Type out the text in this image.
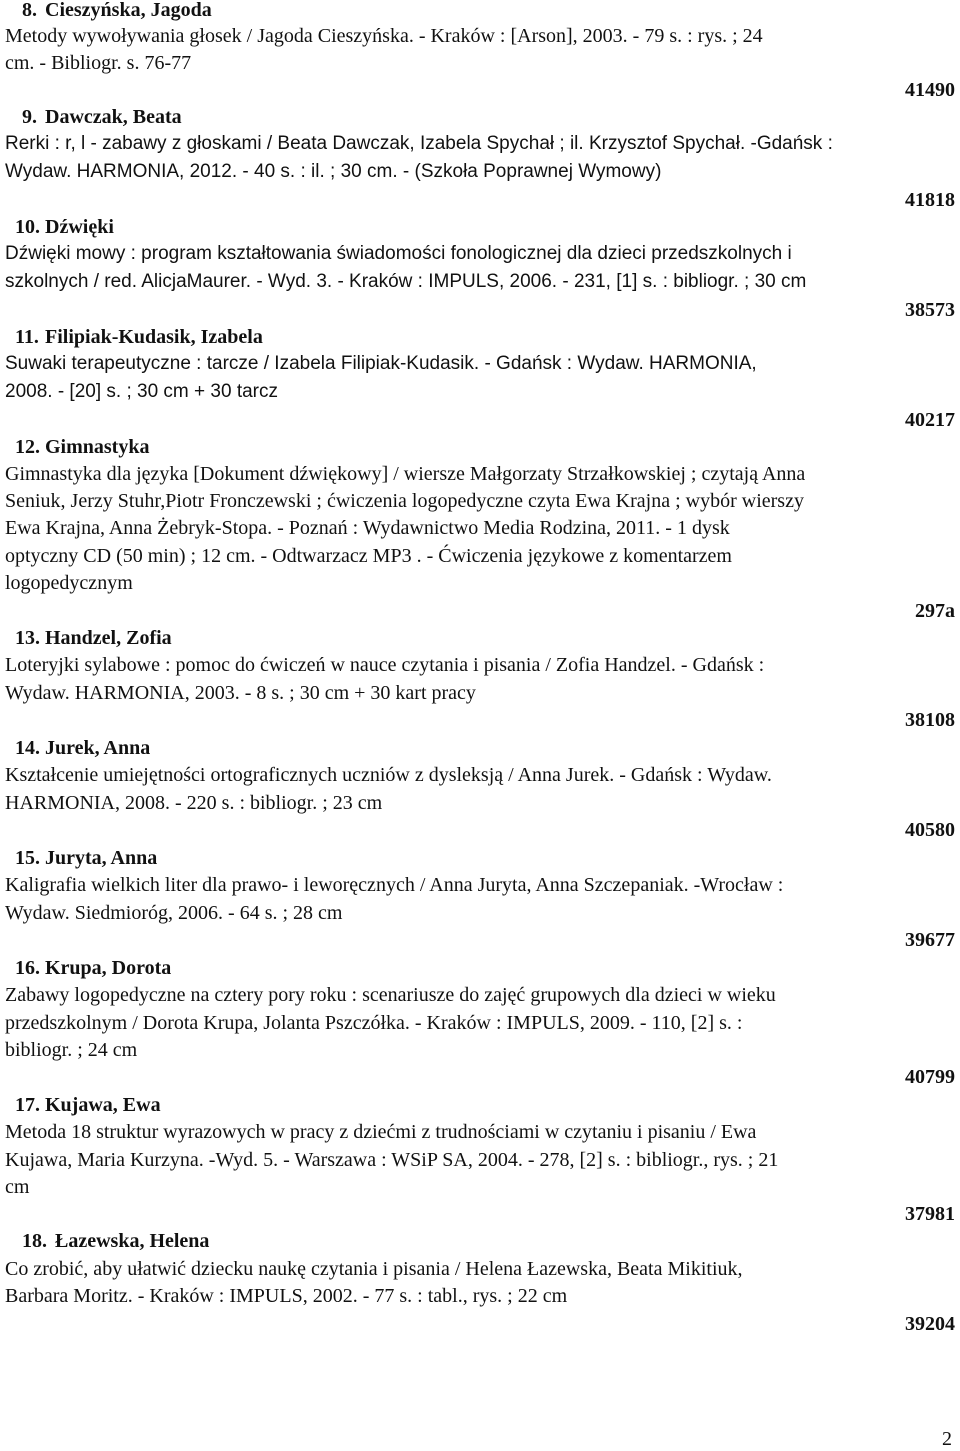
8. Cieszyńska, Jagoda
Metody wywoływania głosek / Jagoda Cieszyńska. - Kraków : [Arson], 2003. - 79 s. : rys. ; 24
cm. - Bibliogr. s. 76-77
41490
9. Dawczak, Beata
Rerki : r, l - zabawy z głoskami / Beata Dawczak, Izabela Spychał ; il. Krzysztof Spychał. -Gdańsk :
Wydaw. HARMONIA, 2012. - 40 s. : il. ; 30 cm. - (Szkoła Poprawnej Wymowy)
41818
10. Dźwięki
Dźwięki mowy : program kształtowania świadomości fonologicznej dla dzieci przedszkolnych i
szkolnych / red. AlicjaMaurer. - Wyd. 3. - Kraków : IMPULS, 2006. - 231, [1] s. : bibliogr. ; 30 cm
38573
11. Filipiak-Kudasik, Izabela
Suwaki terapeutyczne : tarcze / Izabela Filipiak-Kudasik. - Gdańsk : Wydaw. HARMONIA,
2008. - [20] s. ; 30 cm + 30 tarcz
40217
12. Gimnastyka
Gimnastyka dla języka [Dokument dźwiękowy] / wiersze Małgorzaty Strzałkowskiej ; czytają Anna
Seniuk, Jerzy Stuhr,Piotr Fronczewski ; ćwiczenia logopedyczne czyta Ewa Krajna ; wybór wierszy
Ewa Krajna, Anna Żebryk-Stopa. - Poznań : Wydawnictwo Media Rodzina, 2011. - 1 dysk
optyczny CD (50 min) ; 12 cm. - Odtwarzacz MP3 . - Ćwiczenia językowe z komentarzem
logopedycznym
297a
13. Handzel, Zofia
Loteryjki sylabowe : pomoc do ćwiczeń w nauce czytania i pisania / Zofia Handzel. - Gdańsk :
Wydaw. HARMONIA, 2003. - 8 s. ; 30 cm + 30 kart pracy
38108
14. Jurek, Anna
Kształcenie umiejętności ortograficznych uczniów z dysleksją / Anna Jurek. - Gdańsk : Wydaw.
HARMONIA, 2008. - 220 s. : bibliogr. ; 23 cm
40580
15. Juryta, Anna
Kaligrafia wielkich liter dla prawo- i leworęcznych / Anna Juryta, Anna Szczepaniak. -Wrocław :
Wydaw. Siedmioróg, 2006. - 64 s. ; 28 cm
39677
16. Krupa, Dorota
Zabawy logopedyczne na cztery pory roku : scenariusze do zajęć grupowych dla dzieci w wieku
przedszkolnym / Dorota Krupa, Jolanta Pszczółka. - Kraków : IMPULS, 2009. - 110, [2] s. :
bibliogr. ; 24 cm
40799
17. Kujawa, Ewa
Metoda 18 struktur wyrazowych w pracy z dziećmi z trudnościami w czytaniu i pisaniu / Ewa
Kujawa, Maria Kurzyna. -Wyd. 5. - Warszawa : WSiP SA, 2004. - 278, [2] s. : bibliogr., rys. ; 21
cm
37981
18. Łazewska, Helena
Co zrobić, aby ułatwić dziecku naukę czytania i pisania / Helena Łazewska, Beata Mikitiuk,
Barbara Moritz. - Kraków : IMPULS, 2002. - 77 s. : tabl., rys. ; 22 cm
39204
2
